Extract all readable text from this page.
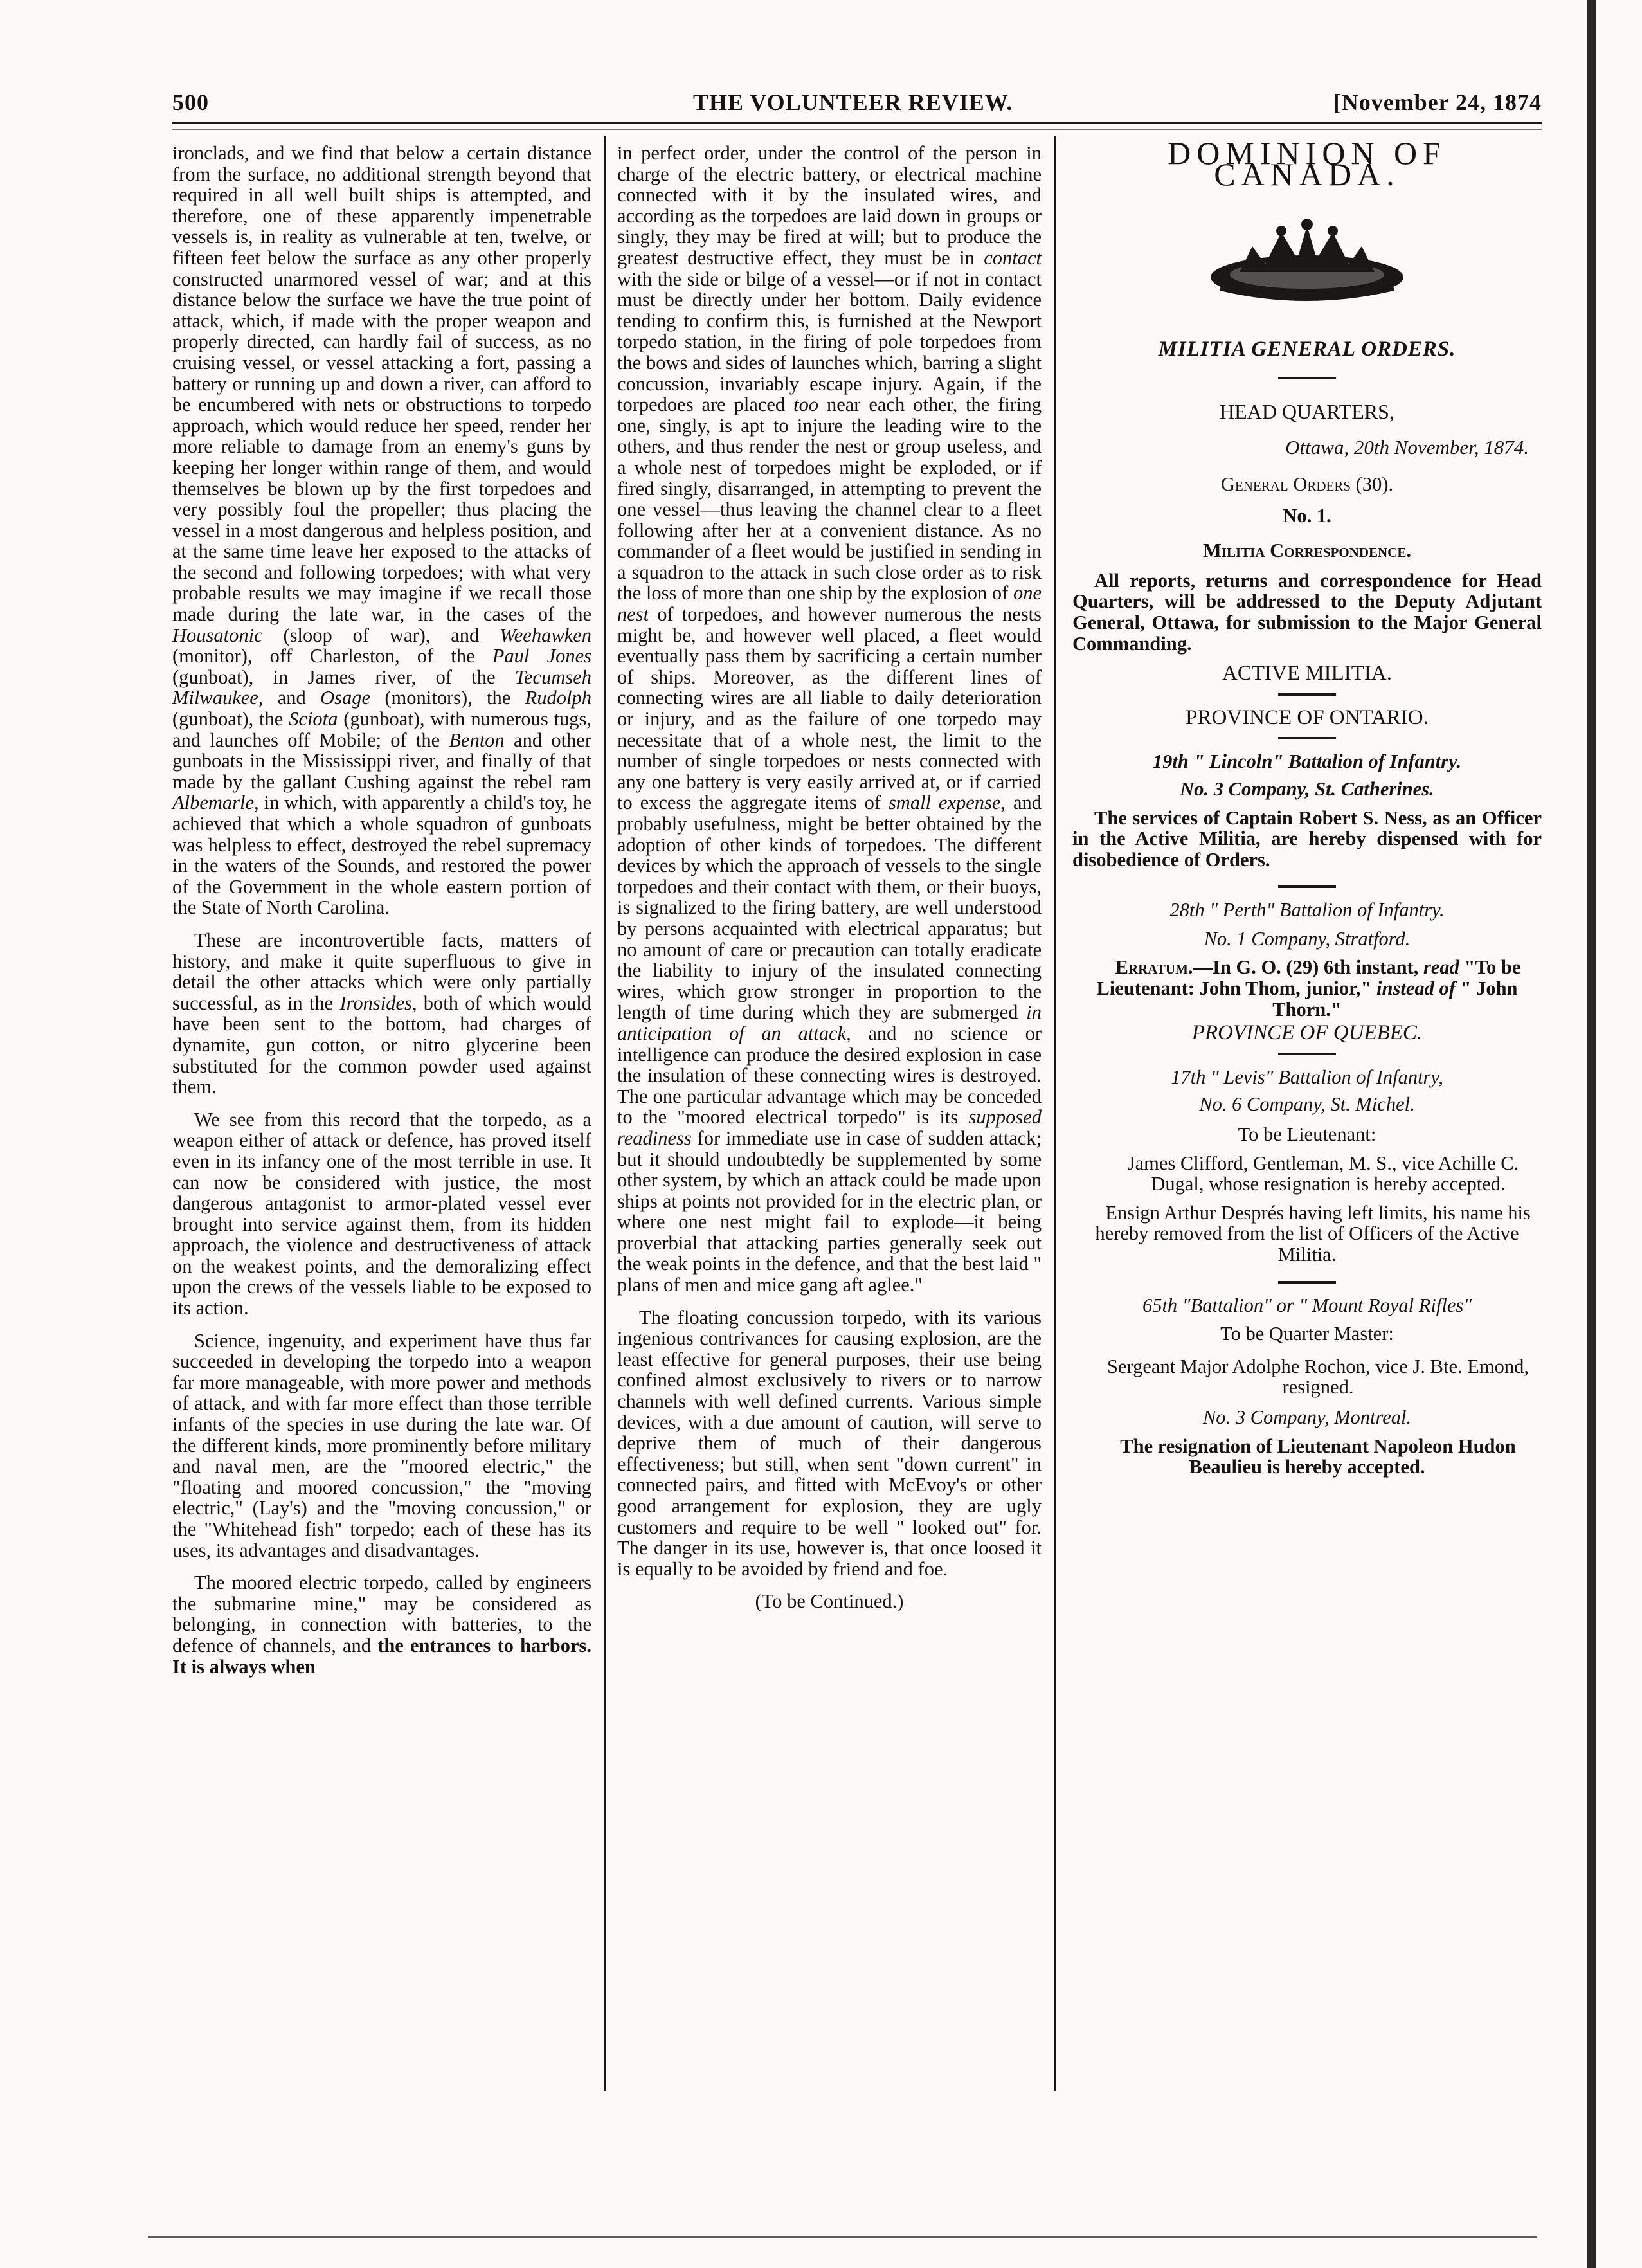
500	THE VOLUNTEER REVIEW.	[November 24, 1874

ironclads, and we find that below a certain distance from the surface, no additional strength beyond that required in all well built ships is attempted, and therefore, one of these apparently impenetrable vessels is, in reality as vulnerable at ten, twelve, or fifteen feet below the surface as any other properly constructed unarmored vessel of war; and at this distance below the surface we have the true point of attack, which, if made with the proper weapon and properly directed, can hardly fail of success, as no cruising vessel, or vessel attacking a fort, passing a battery or running up and down a river, can afford to be encumbered with nets or obstructions to torpedo approach, which would reduce her speed, render her more reliable to damage from an enemy's guns by keeping her longer within range of them, and would themselves be blown up by the first torpedoes and very possibly foul the propeller; thus placing the vessel in a most dangerous and helpless position, and at the same time leave her exposed to the attacks of the second and following torpedoes; with what very probable results we may imagine if we recall those made during the late war, in the cases of the Housatonic (sloop of war), and Weehawken (monitor), off Charleston, of the Paul Jones (gunboat), in James river, of the Tecumseh Milwaukee, and Osage (monitors), the Rudolph (gunboat), the Sciota (gunboat), with numerous tugs, and launches off Mobile; of the Benton and other gunboats in the Mississippi river, and finally of that made by the gallant Cushing against the rebel ram Albemarle, in which, with apparently a child's toy, he achieved that which a whole squadron of gunboats was helpless to effect, destroyed the rebel supremacy in the waters of the Sounds, and restored the power of the Government in the whole eastern portion of the State of North Carolina.

These are incontrovertible facts, matters of history, and make it quite superfluous to give in detail the other attacks which were only partially successful, as in the Ironsides, both of which would have been sent to the bottom, had charges of dynamite, gun cotton, or nitro glycerine been substituted for the common powder used against them.

We see from this record that the torpedo, as a weapon either of attack or defence, has proved itself even in its infancy one of the most terrible in use. It can now be considered with justice, the most dangerous antagonist to armor-plated vessel ever brought into service against them, from its hidden approach, the violence and destructiveness of attack on the weakest points, and the demoralizing effect upon the crews of the vessels liable to be exposed to its action.

Science, ingenuity, and experiment have thus far succeeded in developing the torpedo into a weapon far more manageable, with more power and methods of attack, and with far more effect than those terrible infants of the species in use during the late war. Of the different kinds, more prominently before military and naval men, are the "moored electric," the "floating and moored concussion," the "moving electric," (Lay's) and the "moving concussion," or the "Whitehead fish" torpedo; each of these has its uses, its advantages and disadvantages.

The moored electric torpedo, called by engineers the submarine mine," may be considered as belonging, in connection with batteries, to the defence of channels, and the entrances to harbors. It is always when

in perfect order, under the control of the person in charge of the electric battery, or electrical machine connected with it by the insulated wires, and according as the torpedoes are laid down in groups or singly, they may be fired at will; but to produce the greatest destructive effect, they must be in contact with the side or bilge of a vessel—or if not in contact must be directly under her bottom. Daily evidence tending to confirm this, is furnished at the Newport torpedo station, in the firing of pole torpedoes from the bows and sides of launches which, barring a slight concussion, invariably escape injury. Again, if the torpedoes are placed too near each other, the firing one, singly, is apt to injure the leading wire to the others, and thus render the nest or group useless, and a whole nest of torpedoes might be exploded, or if fired singly, disarranged, in attempting to prevent the one vessel—thus leaving the channel clear to a fleet following after her at a convenient distance. As no commander of a fleet would be justified in sending in a squadron to the attack in such close order as to risk the loss of more than one ship by the explosion of one nest of torpedoes, and however numerous the nests might be, and however well placed, a fleet would eventually pass them by sacrificing a certain number of ships. Moreover, as the different lines of connecting wires are all liable to daily deterioration or injury, and as the failure of one torpedo may necessitate that of a whole nest, the limit to the number of single torpedoes or nests connected with any one battery is very easily arrived at, or if carried to excess the aggregate items of small expense, and probably usefulness, might be better obtained by the adoption of other kinds of torpedoes. The different devices by which the approach of vessels to the single torpedoes and their contact with them, or their buoys, is signalized to the firing battery, are well understood by persons acquainted with electrical apparatus; but no amount of care or precaution can totally eradicate the liability to injury of the insulated connecting wires, which grow stronger in proportion to the length of time during which they are submerged in anticipation of an attack, and no science or intelligence can produce the desired explosion in case the insulation of these connecting wires is destroyed. The one particular advantage which may be conceded to the "moored electrical torpedo" is its supposed readiness for immediate use in case of sudden attack; but it should undoubtedly be supplemented by some other system, by which an attack could be made upon ships at points not provided for in the electric plan, or where one nest might fail to explode—it being proverbial that attacking parties generally seek out the weak points in the defence, and that the best laid " plans of men and mice gang aft aglee."

The floating concussion torpedo, with its various ingenious contrivances for causing explosion, are the least effective for general purposes, their use being confined almost exclusively to rivers or to narrow channels with well defined currents. Various simple devices, with a due amount of caution, will serve to deprive them of much of their dangerous effectiveness; but still, when sent "down current" in connected pairs, and fitted with McEvoy's or other good arrangement for explosion, they are ugly customers and require to be well " looked out" for. The danger in its use, however is, that once loosed it is equally to be avoided by friend and foe.

(To be Continued.)

DOMINION OF CANADA.

MILITIA GENERAL ORDERS.

HEAD QUARTERS,

Ottawa, 20th November, 1874.

General Orders (30).

No. 1.

Militia Correspondence.

All reports, returns and correspondence for Head Quarters, will be addressed to the Deputy Adjutant General, Ottawa, for submission to the Major General Commanding.

ACTIVE MILITIA.

PROVINCE OF ONTARIO.

19th " Lincoln" Battalion of Infantry.

No. 3 Company, St. Catherines.

The services of Captain Robert S. Ness, as an Officer in the Active Militia, are hereby dispensed with for disobedience of Orders.

28th " Perth" Battalion of Infantry.

No. 1 Company, Stratford.

Erratum.—In G. O. (29) 6th instant, read "To be Lieutenant: John Thom, junior," instead of " John Thorn."

PROVINCE OF QUEBEC.

17th " Levis" Battalion of Infantry,

No. 6 Company, St. Michel.

To be Lieutenant:

James Clifford, Gentleman, M. S., vice Achille C. Dugal, whose resignation is hereby accepted.

Ensign Arthur Després having left limits, his name his hereby removed from the list of Officers of the Active Militia.

65th "Battalion" or " Mount Royal Rifles"

To be Quarter Master:

Sergeant Major Adolphe Rochon, vice J. Bte. Emond, resigned.

No. 3 Company, Montreal.

The resignation of Lieutenant Napoleon Hudon Beaulieu is hereby accepted.
